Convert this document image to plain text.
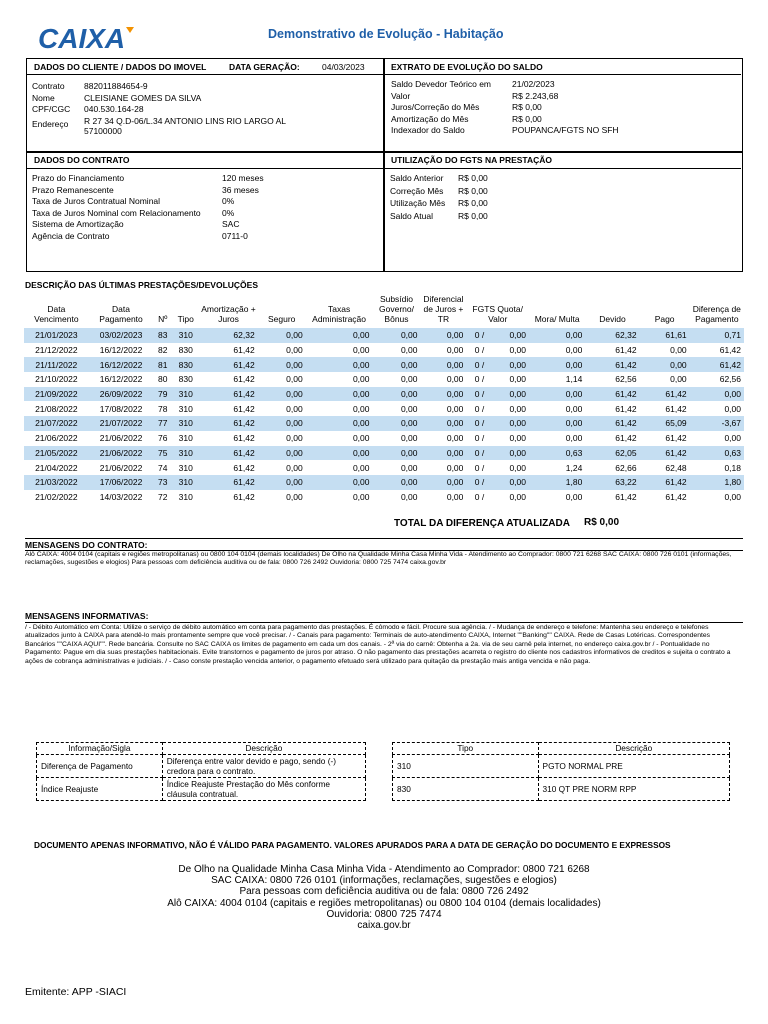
CAIXA	Demonstrativo de Evolução - Habitação
DADOS DO CLIENTE / DADOS DO IMOVEL	DATA GERAÇÃO:	04/03/2023
Contrato 882011884654-9
Nome	CLEISIANE GOMES DA SILVA
CPF/CGC 040.530.164-28
Endereço R 27 34 Q.D-06/L.34 ANTONIO LINS RIO LARGO AL
57100000
EXTRATO DE EVOLUÇÃO DO SALDO
Saldo Devedor Teórico em 21/02/2023
Valor	R$ 2.243,68
Juros/Correção do Mês	R$ 0,00
Amortização do Mês	R$ 0,00
Indexador do Saldo	POUPANCA/FGTS NO SFH
DADOS DO CONTRATO
Prazo do Financiamento	120 meses
Prazo Remanescente	36 meses
Taxa de Juros Contratual Nominal	0%
Taxa de Juros Nominal com Relacionamento	0%
Sistema de Amortização	SAC
Agência de Contrato	0711-0
UTILIZAÇÃO DO FGTS NA PRESTAÇÃO
Saldo Anterior R$ 0,00
Correção Mês R$ 0,00
Utilização Mês R$ 0,00
Saldo Atual	R$ 0,00
DESCRIÇÃO DAS ÚLTIMAS PRESTAÇÕES/DEVOLUÇÕES
Data Vencimento	Data Pagamento	Nº	Tipo	Amortização + Juros	Seguro	Taxas Administração	Subsídio Governo/ Bônus	Diferencial de Juros + TR	FGTS Quota/ Valor		Mora/ Multa	Devido	Pago	Diferença de Pagamento
21/01/2023	03/02/2023	83	310	62,32	0,00	0,00	0,00	0,00	0 /	0,00	0,00	62,32	61,61	0,71
21/12/2022	16/12/2022	82	830	61,42	0,00	0,00	0,00	0,00	0 /	0,00	0,00	61,42	0,00	61,42
21/11/2022	16/12/2022	81	830	61,42	0,00	0,00	0,00	0,00	0 /	0,00	0,00	61,42	0,00	61,42
21/10/2022	16/12/2022	80	830	61,42	0,00	0,00	0,00	0,00	0 /	0,00	1,14	62,56	0,00	62,56
21/09/2022	26/09/2022	79	310	61,42	0,00	0,00	0,00	0,00	0 /	0,00	0,00	61,42	61,42	0,00
21/08/2022	17/08/2022	78	310	61,42	0,00	0,00	0,00	0,00	0 /	0,00	0,00	61,42	61,42	0,00
21/07/2022	21/07/2022	77	310	61,42	0,00	0,00	0,00	0,00	0 /	0,00	0,00	61,42	65,09	-3,67
21/06/2022	21/06/2022	76	310	61,42	0,00	0,00	0,00	0,00	0 /	0,00	0,00	61,42	61,42	0,00
21/05/2022	21/06/2022	75	310	61,42	0,00	0,00	0,00	0,00	0 /	0,00	0,63	62,05	61,42	0,63
21/04/2022	21/06/2022	74	310	61,42	0,00	0,00	0,00	0,00	0 /	0,00	1,24	62,66	62,48	0,18
21/03/2022	17/06/2022	73	310	61,42	0,00	0,00	0,00	0,00	0 /	0,00	1,80	63,22	61,42	1,80
21/02/2022	14/03/2022	72	310	61,42	0,00	0,00	0,00	0,00	0 /	0,00	0,00	61,42	61,42	0,00
TOTAL DA DIFERENÇA ATUALIZADA R$ 0,00
MENSAGENS DO CONTRATO:
Alô CAIXA: 4004 0104 (capitais e regiões metropolitanas) ou 0800 104 0104 (demais localidades) De Olho na Qualidade Minha Casa Minha Vida - Atendimento ao Comprador: 0800 721 6268 SAC CAIXA: 0800 726 0101 (informações, reclamações, sugestões e elogios) Para pessoas com deficiência auditiva ou de fala: 0800 726 2492 Ouvidoria: 0800 725 7474 caixa.gov.br
MENSAGENS INFORMATIVAS:
/ - Débito Automático em Conta: Utilize o serviço de débito automático em conta para pagamento das prestações. É cômodo e fácil. Procure sua agência. / - Mudança de endereço e telefone: Mantenha seu endereço e telefones atualizados junto à CAIXA para atendê-lo mais prontamente sempre que você precisar. / - Canais para pagamento: Terminais de auto-atendimento CAIXA, Internet ""Banking"" CAIXA. Rede de Casas Lotéricas. Correspondentes Bancários ""CAIXA AQUI"". Rede bancária. Consulte no SAC CAIXA os limites de pagamento em cada um dos canais. - 2ª via do carnê: Obtenha a 2a. via de seu carnê pela internet, no endereço caixa.gov.br / - Pontualidade no Pagamento: Pague em dia suas prestações habitacionais. Evite transtornos e pagamento de juros por atraso. O não pagamento das prestações acarreta o registro do cliente nos cadastros informativos de creditos e sujeita o contrato a ações de cobrança administrativas e judiciais. / - Caso conste prestação vencida anterior, o pagamento efetuado será utilizado para quitação da prestação mais antiga vencida e não paga.
Informação/Sigla	Descrição
Diferença de Pagamento	Diferença entre valor devido e pago, sendo (-) credora para o contrato.
Índice Reajuste	Índice Reajuste Prestação do Mês conforme cláusula contratual.
Tipo	Descrição
310	PGTO NORMAL PRE
830	310 QT PRE NORM RPP
DOCUMENTO APENAS INFORMATIVO, NÃO É VÁLIDO PARA PAGAMENTO. VALORES APURADOS PARA A DATA DE GERAÇÃO DO DOCUMENTO E EXPRESSOS
De Olho na Qualidade Minha Casa Minha Vida - Atendimento ao Comprador: 0800 721 6268
SAC CAIXA: 0800 726 0101 (informações, reclamações, sugestões e elogios)
Para pessoas com deficiência auditiva ou de fala: 0800 726 2492
Alô CAIXA: 4004 0104 (capitais e regiões metropolitanas) ou 0800 104 0104 (demais localidades)
Ouvidoria: 0800 725 7474
caixa.gov.br
Emitente: APP -SIACI
